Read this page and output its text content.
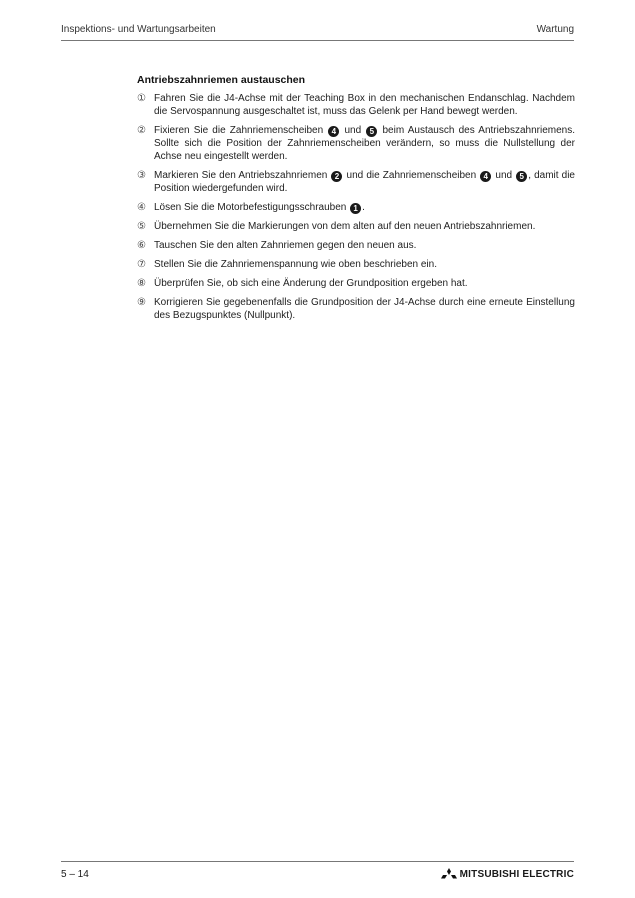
Inspektions- und Wartungsarbeiten	Wartung
Antriebszahnriemen austauschen
① Fahren Sie die J4-Achse mit der Teaching Box in den mechanischen Endanschlag. Nachdem die Servospannung ausgeschaltet ist, muss das Gelenk per Hand bewegt werden.
② Fixieren Sie die Zahnriemenscheiben 4 und 5 beim Austausch des Antriebszahnriemens. Sollte sich die Position der Zahnriemenscheiben verändern, so muss die Nullstellung der Achse neu eingestellt werden.
③ Markieren Sie den Antriebszahnriemen 2 und die Zahnriemenscheiben 4 und 5 , damit die Position wiedergefunden wird.
④ Lösen Sie die Motorbefestigungsschrauben 1 .
⑤ Übernehmen Sie die Markierungen von dem alten auf den neuen Antriebszahnriemen.
⑥ Tauschen Sie den alten Zahnriemen gegen den neuen aus.
⑦ Stellen Sie die Zahnriemenspannung wie oben beschrieben ein.
⑧ Überprüfen Sie, ob sich eine Änderung der Grundposition ergeben hat.
⑨ Korrigieren Sie gegebenenfalls die Grundposition der J4-Achse durch eine erneute Einstellung des Bezugspunktes (Nullpunkt).
5 – 14	MITSUBISHI ELECTRIC
